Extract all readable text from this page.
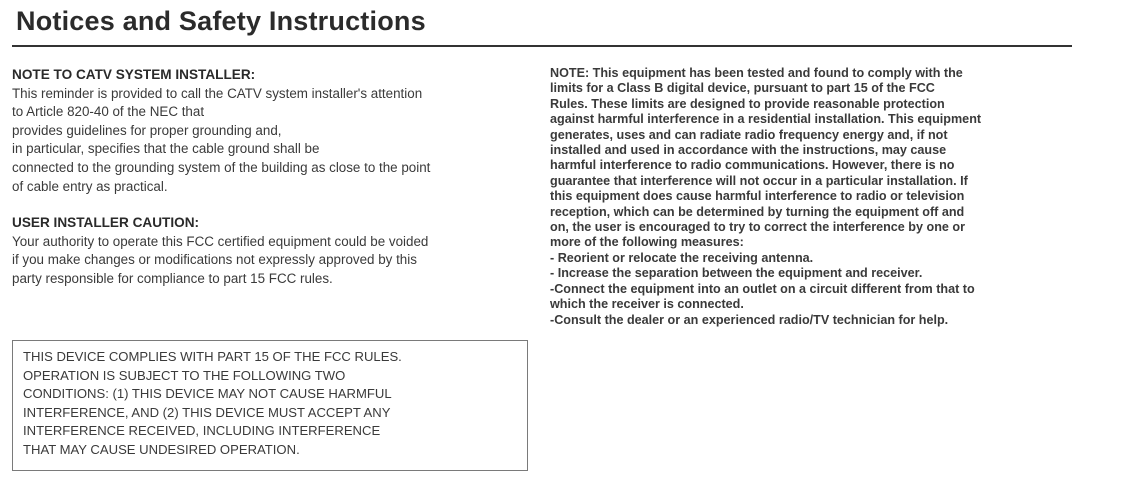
Notices and Safety Instructions

NOTE TO CATV SYSTEM INSTALLER:

This reminder is provided to call the CATV system installer's attention

to Article 820-40 of the NEC that

provides guidelines for proper grounding and,

in particular, specifies that the cable ground shall be

connected to the grounding system of the building as close to the point

of cable entry as practical.

USER INSTALLER CAUTION:

Your authority to operate this FCC certified equipment could be voided

if you make changes or modifications not expressly approved by this

party responsible for compliance to part 15 FCC rules.

THIS DEVICE COMPLIES WITH PART 15 OF THE FCC RULES.

OPERATION IS SUBJECT TO THE FOLLOWING TWO

CONDITIONS: (1) THIS DEVICE MAY NOT CAUSE HARMFUL

INTERFERENCE, AND (2) THIS DEVICE MUST ACCEPT ANY

INTERFERENCE RECEIVED, INCLUDING INTERFERENCE

THAT MAY CAUSE UNDESIRED OPERATION.

NOTE: This equipment has been tested and found to comply with the

limits for a Class B digital device, pursuant to part 15 of the FCC

Rules. These limits are designed to provide reasonable protection

against harmful interference in a residential installation. This equipment

generates, uses and can radiate radio frequency energy and, if not

installed and used in accordance with the instructions, may cause

harmful interference to radio communications. However, there is no

guarantee that interference will not occur in a particular installation. If

this equipment does cause harmful interference to radio or television

reception, which can be determined by turning the equipment off and

on, the user is encouraged to try to correct the interference by one or

more of the following measures:

- Reorient or relocate the receiving antenna.

- Increase the separation between the equipment and receiver.

-Connect the equipment into an outlet on a circuit different from that to

which the receiver is connected.

-Consult the dealer or an experienced radio/TV technician for help.
